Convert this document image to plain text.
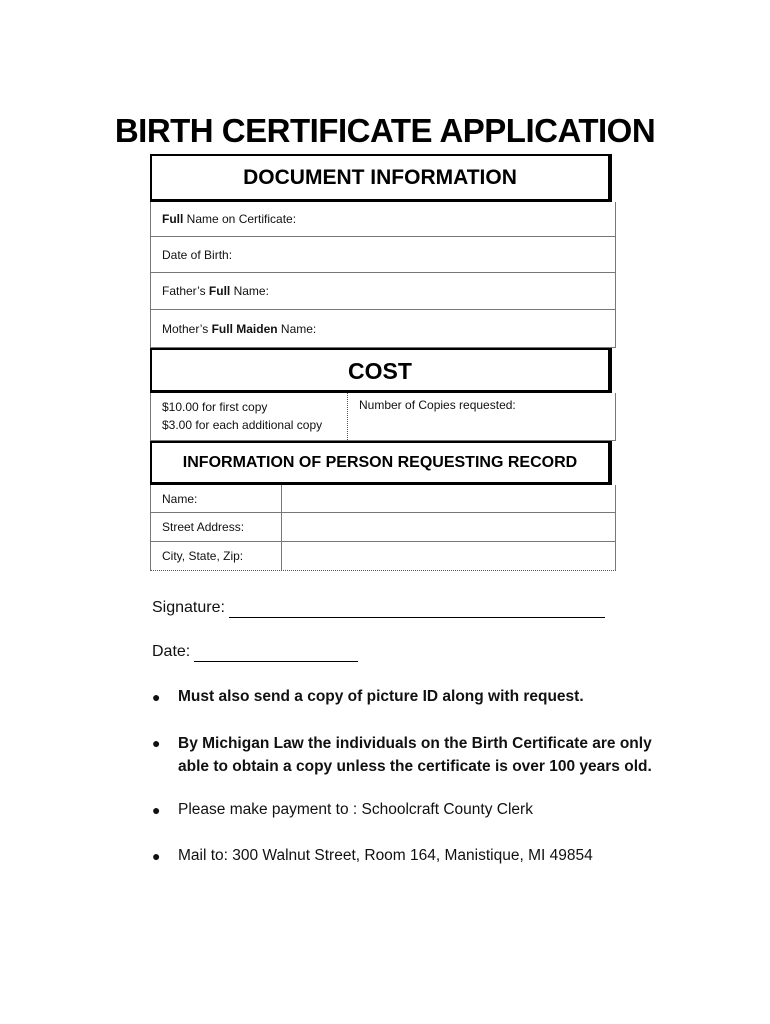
BIRTH CERTIFICATE APPLICATION
DOCUMENT INFORMATION
Full Name on Certificate:
Date of Birth:
Father’s Full Name:
Mother’s Full Maiden Name:
COST
$10.00 for first copy
$3.00 for each additional copy
Number of Copies requested:
INFORMATION OF PERSON REQUESTING RECORD
Name:
Street Address:
City, State, Zip:
Signature:
Date:
● Must also send a copy of picture ID along with request.
● By Michigan Law the individuals on the Birth Certificate are only
able to obtain a copy unless the certificate is over 100 years old.
● Please make payment to : Schoolcraft County Clerk
● Mail to: 300 Walnut Street, Room 164, Manistique, MI 49854
